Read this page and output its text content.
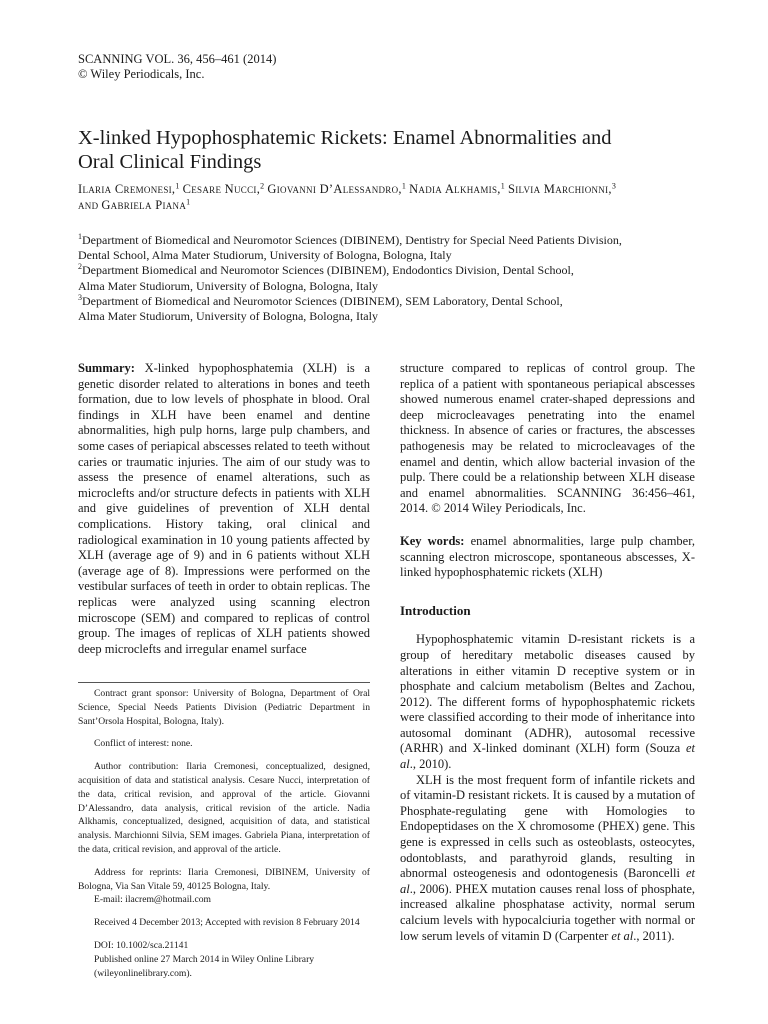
SCANNING VOL. 36, 456–461 (2014)
© Wiley Periodicals, Inc.
X-linked Hypophosphatemic Rickets: Enamel Abnormalities and
Oral Clinical Findings
Ilaria Cremonesi,$^1$ Cesare Nucci,$^2$ Giovanni D’Alessandro,$^1$ Nadia Alkhamis,$^1$ Silvia Marchionni,$^3$
and Gabriela Piana$^1$

$^1$Department of Biomedical and Neuromotor Sciences (DIBINEM), Dentistry for Special Need Patients Division,

Dental School, Alma Mater Studiorum, University of Bologna, Bologna, Italy

$^2$Department Biomedical and Neuromotor Sciences (DIBINEM), Endodontics Division, Dental School,

Alma Mater Studiorum, University of Bologna, Bologna, Italy

$^3$Department of Biomedical and Neuromotor Sciences (DIBINEM), SEM Laboratory, Dental School,

Alma Mater Studiorum, University of Bologna, Bologna, Italy

Summary: X-linked hypophosphatemia (XLH) is a genetic disorder related to alterations in bones and teeth formation, due to low levels of phosphate in blood. Oral findings in XLH have been enamel and dentine abnormalities, high pulp horns, large pulp chambers, and some cases of periapical abscesses related to teeth without caries or traumatic injuries. The aim of our study was to assess the presence of enamel alterations, such as microclefts and/or structure defects in patients with XLH and give guidelines of prevention of XLH dental complications. History taking, oral clinical and radiological examination in 10 young patients affected by XLH (average age of 9) and in 6 patients without XLH (average age of 8). Impressions were performed on the vestibular surfaces of teeth in order to obtain replicas. The replicas were analyzed using scanning electron microscope (SEM) and compared to replicas of control group. The images of replicas of XLH patients showed deep microclefts and irregular enamel surface

Contract grant sponsor: University of Bologna, Department of Oral Science, Special Needs Patients Division (Pediatric Department in Sant’Orsola Hospital, Bologna, Italy).

Conflict of interest: none.

Author contribution: Ilaria Cremonesi, conceptualized, designed, acquisition of data and statistical analysis. Cesare Nucci, interpretation of the data, critical revision, and approval of the article. Giovanni D’Alessandro, data analysis, critical revision of the article. Nadia Alkhamis, conceptualized, designed, acquisition of data, and statistical analysis. Marchionni Silvia, SEM images. Gabriela Piana, interpretation of the data, critical revision, and approval of the article.

Address for reprints: Ilaria Cremonesi, DIBINEM, University of Bologna, Via San Vitale 59, 40125 Bologna, Italy.

E-mail: ilacrem@hotmail.com

Received 4 December 2013; Accepted with revision 8 February 2014

DOI: 10.1002/sca.21141

Published online 27 March 2014 in Wiley Online Library

(wileyonlinelibrary.com).

structure compared to replicas of control group. The replica of a patient with spontaneous periapical abscesses showed numerous enamel crater-shaped depressions and deep microcleavages penetrating into the enamel thickness. In absence of caries or fractures, the abscesses pathogenesis may be related to microcleavages of the enamel and dentin, which allow bacterial invasion of the pulp. There could be a relationship between XLH disease and enamel abnormalities. SCANNING 36:456–461, 2014. © 2014 Wiley Periodicals, Inc.

Key words: enamel abnormalities, large pulp chamber, scanning electron microscope, spontaneous abscesses, X-linked hypophosphatemic rickets (XLH)

Introduction

Hypophosphatemic vitamin D-resistant rickets is a group of hereditary metabolic diseases caused by alterations in either vitamin D receptive system or in phosphate and calcium metabolism (Beltes and Zachou, 2012). The different forms of hypophosphatemic rickets were classified according to their mode of inheritance into autosomal dominant (ADHR), autosomal recessive (ARHR) and X-linked dominant (XLH) form (Souza et al., 2010).

XLH is the most frequent form of infantile rickets and of vitamin-D resistant rickets. It is caused by a mutation of Phosphate-regulating gene with Homologies to Endopeptidases on the X chromosome (PHEX) gene. This gene is expressed in cells such as osteoblasts, osteocytes, odontoblasts, and parathyroid glands, resulting in abnormal osteogenesis and odontogenesis (Baroncelli et al., 2006). PHEX mutation causes renal loss of phosphate, increased alkaline phosphatase activity, normal serum calcium levels with hypocalciuria together with normal or low serum levels of vitamin D (Carpenter et al., 2011).
